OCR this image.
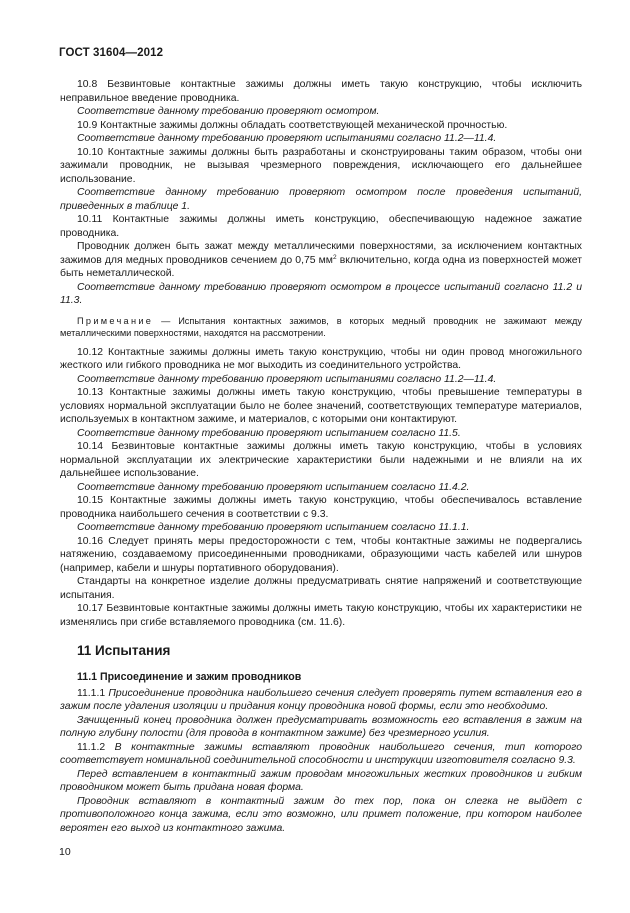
ГОСТ 31604—2012

10.8 Безвинтовые контактные зажимы должны иметь такую конструкцию, чтобы исключить неправильное введение проводника.

Соответствие данному требованию проверяют осмотром.

10.9 Контактные зажимы должны обладать соответствующей механической прочностью.

Соответствие данному требованию проверяют испытаниями согласно 11.2—11.4.

10.10 Контактные зажимы должны быть разработаны и сконструированы таким образом, чтобы они зажимали проводник, не вызывая чрезмерного повреждения, исключающего его дальнейшее использование.

Соответствие данному требованию проверяют осмотром после проведения испытаний, приведенных в таблице 1.

10.11 Контактные зажимы должны иметь конструкцию, обеспечивающую надежное зажатие проводника.

Проводник должен быть зажат между металлическими поверхностями, за исключением контактных зажимов для медных проводников сечением до 0,75 $мм^2$ включительно, когда одна из поверхностей может быть неметаллической.

Соответствие данному требованию проверяют осмотром в процессе испытаний согласно 11.2 и 11.3.

Примечание — Испытания контактных зажимов, в которых медный проводник не зажимают между металлическими поверхностями, находятся на рассмотрении.

10.12 Контактные зажимы должны иметь такую конструкцию, чтобы ни один провод многожильного жесткого или гибкого проводника не мог выходить из соединительного устройства.

Соответствие данному требованию проверяют испытаниями согласно 11.2—11.4.

10.13 Контактные зажимы должны иметь такую конструкцию, чтобы превышение температуры в условиях нормальной эксплуатации было не более значений, соответствующих температуре материалов, используемых в контактном зажиме, и материалов, с которыми они контактируют.

Соответствие данному требованию проверяют испытанием согласно 11.5.

10.14 Безвинтовые контактные зажимы должны иметь такую конструкцию, чтобы в условиях нормальной эксплуатации их электрические характеристики были надежными и не влияли на их дальнейшее использование.

Соответствие данному требованию проверяют испытанием согласно 11.4.2.

10.15 Контактные зажимы должны иметь такую конструкцию, чтобы обеспечивалось вставление проводника наибольшего сечения в соответствии с 9.3.

Соответствие данному требованию проверяют испытанием согласно 11.1.1.

10.16 Следует принять меры предосторожности с тем, чтобы контактные зажимы не подвергались натяжению, создаваемому присоединенными проводниками, образующими часть кабелей или шнуров (например, кабели и шнуры портативного оборудования).

Стандарты на конкретное изделие должны предусматривать снятие напряжений и соответствующие испытания.

10.17 Безвинтовые контактные зажимы должны иметь такую конструкцию, чтобы их характеристики не изменялись при сгибе вставляемого проводника (см. 11.6).

11 Испытания
11.1 Присоединение и зажим проводников

11.1.1 Присоединение проводника наибольшего сечения следует проверять путем вставления его в зажим после удаления изоляции и придания концу проводника новой формы, если это необходимо.

Зачищенный конец проводника должен предусматривать возможность его вставления в зажим на полную глубину полости (для провода в контактном зажиме) без чрезмерного усилия.

11.1.2 В контактные зажимы вставляют проводник наибольшего сечения, тип которого соответствует номинальной соединительной способности и инструкции изготовителя согласно 9.3.

Перед вставлением в контактный зажим проводам многожильных жестких проводников и гибким проводником может быть придана новая форма.

Проводник вставляют в контактный зажим до тех пор, пока он слегка не выйдет с противоположного конца зажима, если это возможно, или примет положение, при котором наиболее вероятен его выход из контактного зажима.

10
